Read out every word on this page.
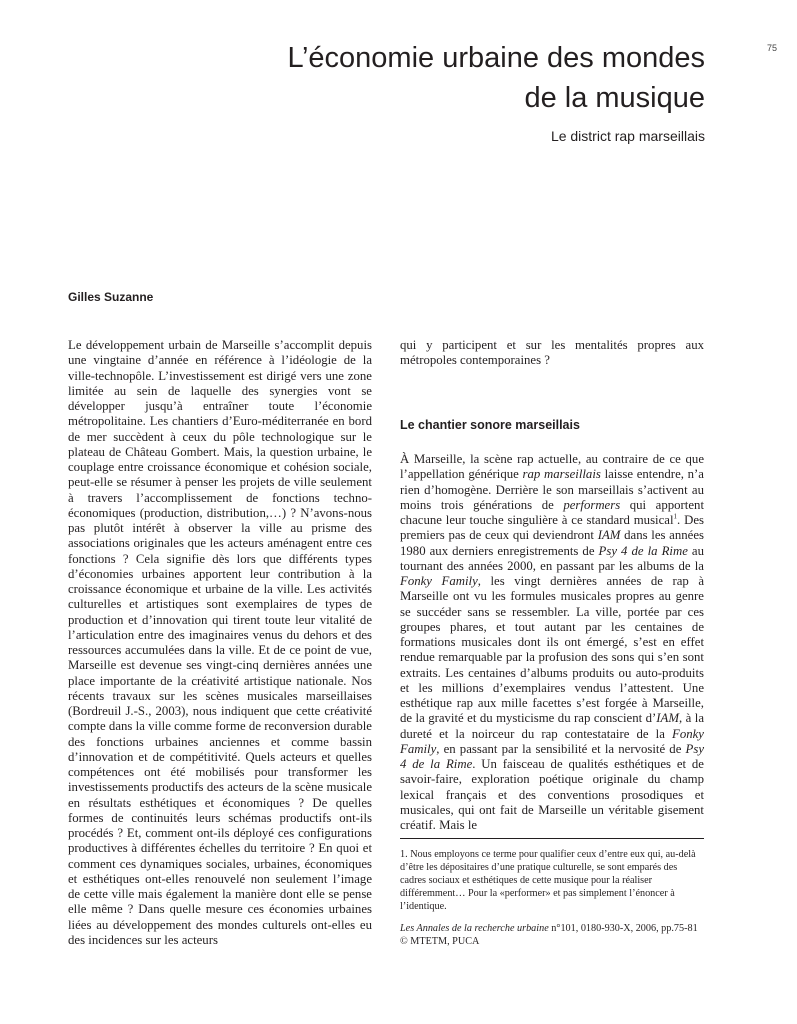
75
L’économie urbaine des mondes
de la musique
Le district rap marseillais
Gilles Suzanne

Le développement urbain de Marseille s’accomplit depuis une vingtaine d’année en référence à l’idéologie de la ville-technopôle. L’investissement est dirigé vers une zone limitée au sein de laquelle des synergies vont se développer jusqu’à entraîner toute l’économie métropolitaine. Les chantiers d’Euro-méditerranée en bord de mer succèdent à ceux du pôle technologique sur le plateau de Château Gombert. Mais, la question urbaine, le couplage entre croissance économique et cohésion sociale, peut-elle se résumer à penser les projets de ville seulement à travers l’accomplissement de fonctions techno-économiques (production, distribution,…) ? N’avons-nous pas plutôt intérêt à observer la ville au prisme des associations originales que les acteurs aménagent entre ces fonctions ? Cela signifie dès lors que différents types d’économies urbaines apportent leur contribution à la croissance économique et urbaine de la ville. Les activités culturelles et artistiques sont exemplaires de types de production et d’innovation qui tirent toute leur vitalité de l’articulation entre des imaginaires venus du dehors et des ressources accumulées dans la ville. Et de ce point de vue, Marseille est devenue ses vingt-cinq dernières années une place importante de la créativité artistique nationale. Nos récents travaux sur les scènes musicales marseillaises (Bordreuil J.-S., 2003), nous indiquent que cette créativité compte dans la ville comme forme de reconversion durable des fonctions urbaines anciennes et comme bassin d’innovation et de compétitivité. Quels acteurs et quelles compétences ont été mobilisés pour transformer les investissements productifs des acteurs de la scène musicale en résultats esthétiques et économiques ? De quelles formes de continuités leurs schémas productifs ont-ils procédés ? Et, comment ont-ils déployé ces configurations productives à différentes échelles du territoire ? En quoi et comment ces dynamiques sociales, urbaines, économiques et esthétiques ont-elles renouvelé non seulement l’image de cette ville mais également la manière dont elle se pense elle même ? Dans quelle mesure ces économies urbaines liées au développement des mondes culturels ont-elles eu des incidences sur les acteurs

qui y participent et sur les mentalités propres aux métropoles contemporaines ?

Le chantier sonore marseillais

À Marseille, la scène rap actuelle, au contraire de ce que l’appellation générique rap marseillais laisse entendre, n’a rien d’homogène. Derrière le son marseillais s’activent au moins trois générations de performers qui apportent chacune leur touche singulière à ce standard musical$^1$. Des premiers pas de ceux qui deviendront IAM dans les années 1980 aux derniers enregistrements de Psy 4 de la Rime au tournant des années 2000, en passant par les albums de la Fonky Family, les vingt dernières années de rap à Marseille ont vu les formules musicales propres au genre se succéder sans se ressembler. La ville, portée par ces groupes phares, et tout autant par les centaines de formations musicales dont ils ont émergé, s’est en effet rendue remarquable par la profusion des sons qui s’en sont extraits. Les centaines d’albums produits ou auto-produits et les millions d’exemplaires vendus l’attestent. Une esthétique rap aux mille facettes s’est forgée à Marseille, de la gravité et du mysticisme du rap conscient d’IAM, à la dureté et la noirceur du rap contestataire de la Fonky Family, en passant par la sensibilité et la nervosité de Psy 4 de la Rime. Un faisceau de qualités esthétiques et de savoir-faire, exploration poétique originale du champ lexical français et des conventions prosodiques et musicales, qui ont fait de Marseille un véritable gisement créatif. Mais le

1. Nous employons ce terme pour qualifier ceux d’entre eux qui, au-delà d’être les dépositaires d’une pratique culturelle, se sont emparés des cadres sociaux et esthétiques de cette musique pour la réaliser différemment… Pour la «performer» et pas simplement l’énoncer à l’identique.

Les Annales de la recherche urbaine n°101, 0180-930-X, 2006, pp.75-81
© MTETM, PUCA
